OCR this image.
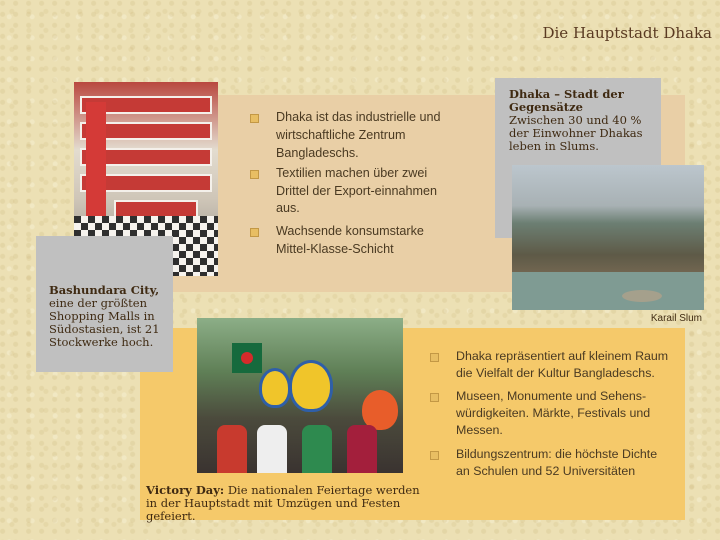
Die Hauptstadt Dhaka
Dhaka ist das industrielle und wirtschaftliche Zentrum Bangladeschs.
Textilien machen über zwei Drittel der Export-einnahmen aus.
Wachsende konsumstarke Mittel-Klasse-Schicht

Dhaka – Stadt der Gegensätze
Zwischen 30 und 40 % der Einwohner Dhakas leben in Slums.

Karail Slum

Bashundara City,
eine der größten Shopping Malls in Südostasien, ist 21 Stockwerke hoch.

Victory Day: Die nationalen Feiertage werden in der Hauptstadt mit Umzügen und Festen gefeiert.

Dhaka repräsentiert auf kleinem Raum die Vielfalt der Kultur Bangladeschs.
Museen, Monumente und Sehens-würdigkeiten. Märkte, Festivals und Messen.
Bildungszentrum: die höchste Dichte an Schulen und 52 Universitäten
